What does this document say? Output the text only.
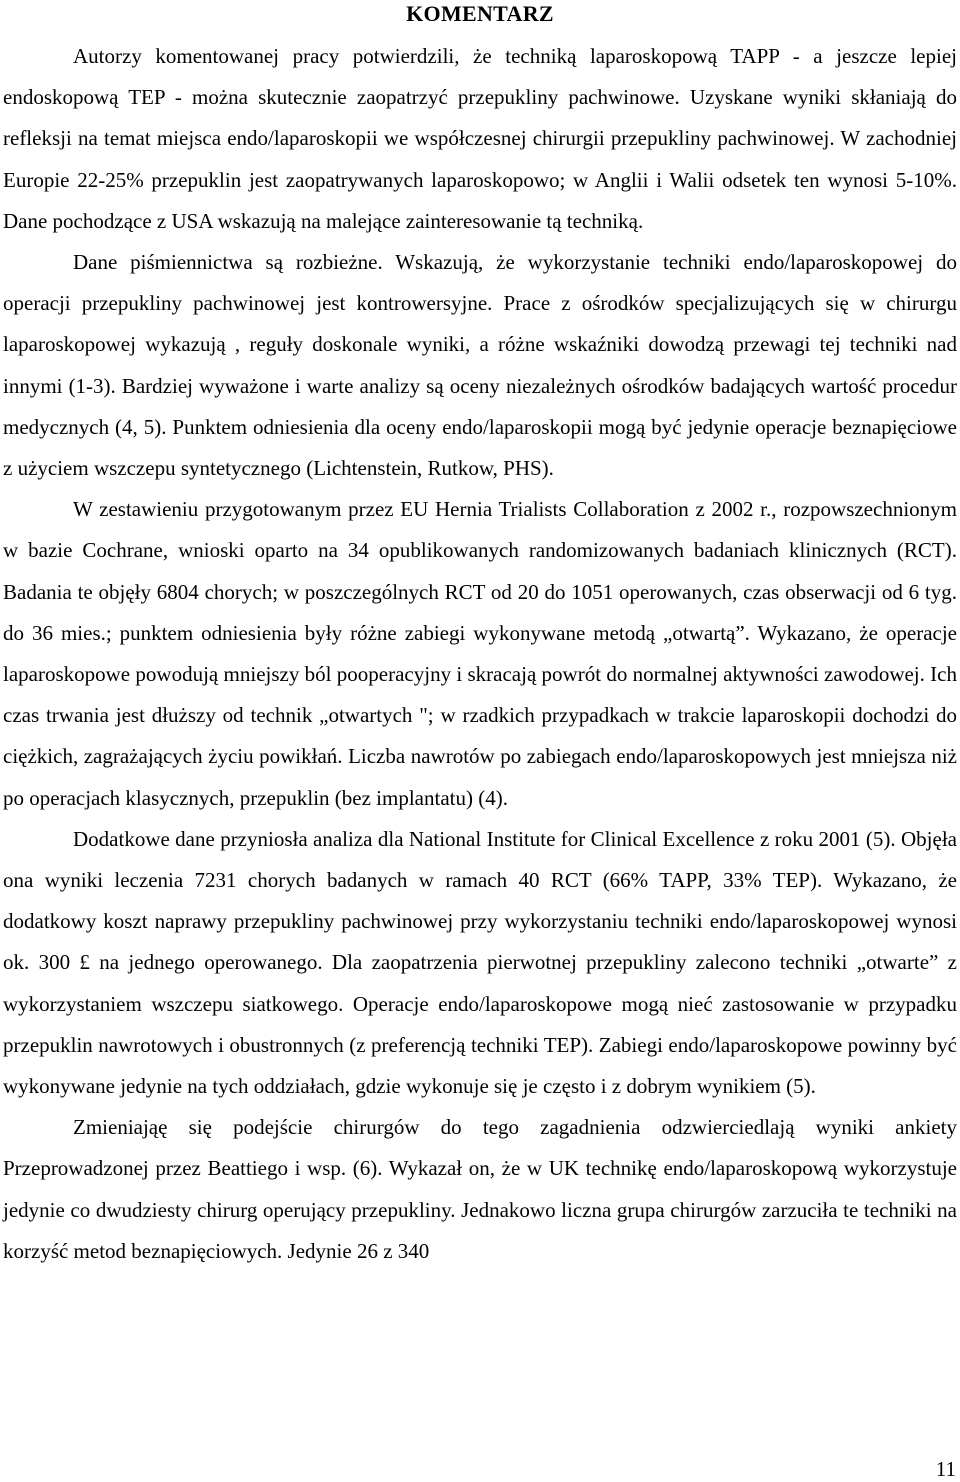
KOMENTARZ

Autorzy komentowanej pracy potwierdzili, że techniką laparoskopową TAPP - a jeszcze lepiej endoskopową TEP - można skutecznie zaopatrzyć przepukliny pachwinowe. Uzyskane wyniki skłaniają do refleksji na temat miejsca endo/laparoskopii we współczesnej chirurgii przepukliny pachwinowej. W zachodniej Europie 22-25% przepuklin jest zaopatrywanych laparoskopowo; w Anglii i Walii odsetek ten wynosi 5-10%. Dane pochodzące z USA wskazują na malejące zainteresowanie tą techniką.

Dane piśmiennictwa są rozbieżne. Wskazują, że wykorzystanie techniki endo/laparoskopowej do operacji przepukliny pachwinowej jest kontrowersyjne. Prace z ośrodków specjalizujących się w chirurgu laparoskopowej wykazują , reguły doskonale wyniki, a różne wskaźniki dowodzą przewagi tej techniki nad innymi (1-3). Bardziej wyważone i warte analizy są oceny niezależnych ośrodków badających wartość procedur medycznych (4, 5). Punktem odniesienia dla oceny endo/laparoskopii mogą być jedynie operacje beznapięciowe z użyciem wszczepu syntetycznego (Lichtenstein, Rutkow, PHS).

W zestawieniu przygotowanym przez EU Hernia Trialists Collaboration z 2002 r., rozpowszechnionym w bazie Cochrane, wnioski oparto na 34 opublikowanych randomizowanych badaniach klinicznych (RCT). Badania te objęły 6804 chorych; w poszczególnych RCT od 20 do 1051 operowanych, czas obserwacji od 6 tyg. do 36 mies.; punktem odniesienia były różne zabiegi wykonywane metodą „otwartą”. Wykazano, że operacje laparoskopowe powodują mniejszy ból pooperacyjny i skracają powrót do normalnej aktywności zawodowej. Ich czas trwania jest dłuższy od technik „otwartych "; w rzadkich przypadkach w trakcie laparoskopii dochodzi do ciężkich, zagrażających życiu powikłań. Liczba nawrotów po zabiegach endo/laparoskopowych jest mniejsza niż po operacjach klasycznych, przepuklin (bez implantatu) (4).

Dodatkowe dane przyniosła analiza dla National Institute for Clinical Excellence z roku 2001 (5). Objęła ona wyniki leczenia 7231 chorych badanych w ramach 40 RCT (66% TAPP, 33% TEP). Wykazano, że dodatkowy koszt naprawy przepukliny pachwinowej przy wykorzystaniu techniki endo/laparoskopowej wynosi ok. 300 £ na jednego operowanego. Dla zaopatrzenia pierwotnej przepukliny zalecono techniki „otwarte” z wykorzystaniem wszczepu siatkowego. Operacje endo/laparoskopowe mogą nieć zastosowanie w przypadku przepuklin nawrotowych i obustronnych (z preferencją techniki TEP). Zabiegi endo/laparoskopowe powinny być wykonywane jedynie na tych oddziałach, gdzie wykonuje się je często i z dobrym wynikiem (5).

Zmieniająę się podejście chirurgów do tego zagadnienia odzwierciedlają wyniki ankiety Przeprowadzonej przez Beattiego i wsp. (6). Wykazał on, że w UK technikę endo/laparoskopową wykorzystuje jedynie co dwudziesty chirurg operujący przepukliny. Jednakowo liczna grupa chirurgów zarzuciła te techniki na korzyść metod beznapięciowych. Jedynie 26 z 340

11
